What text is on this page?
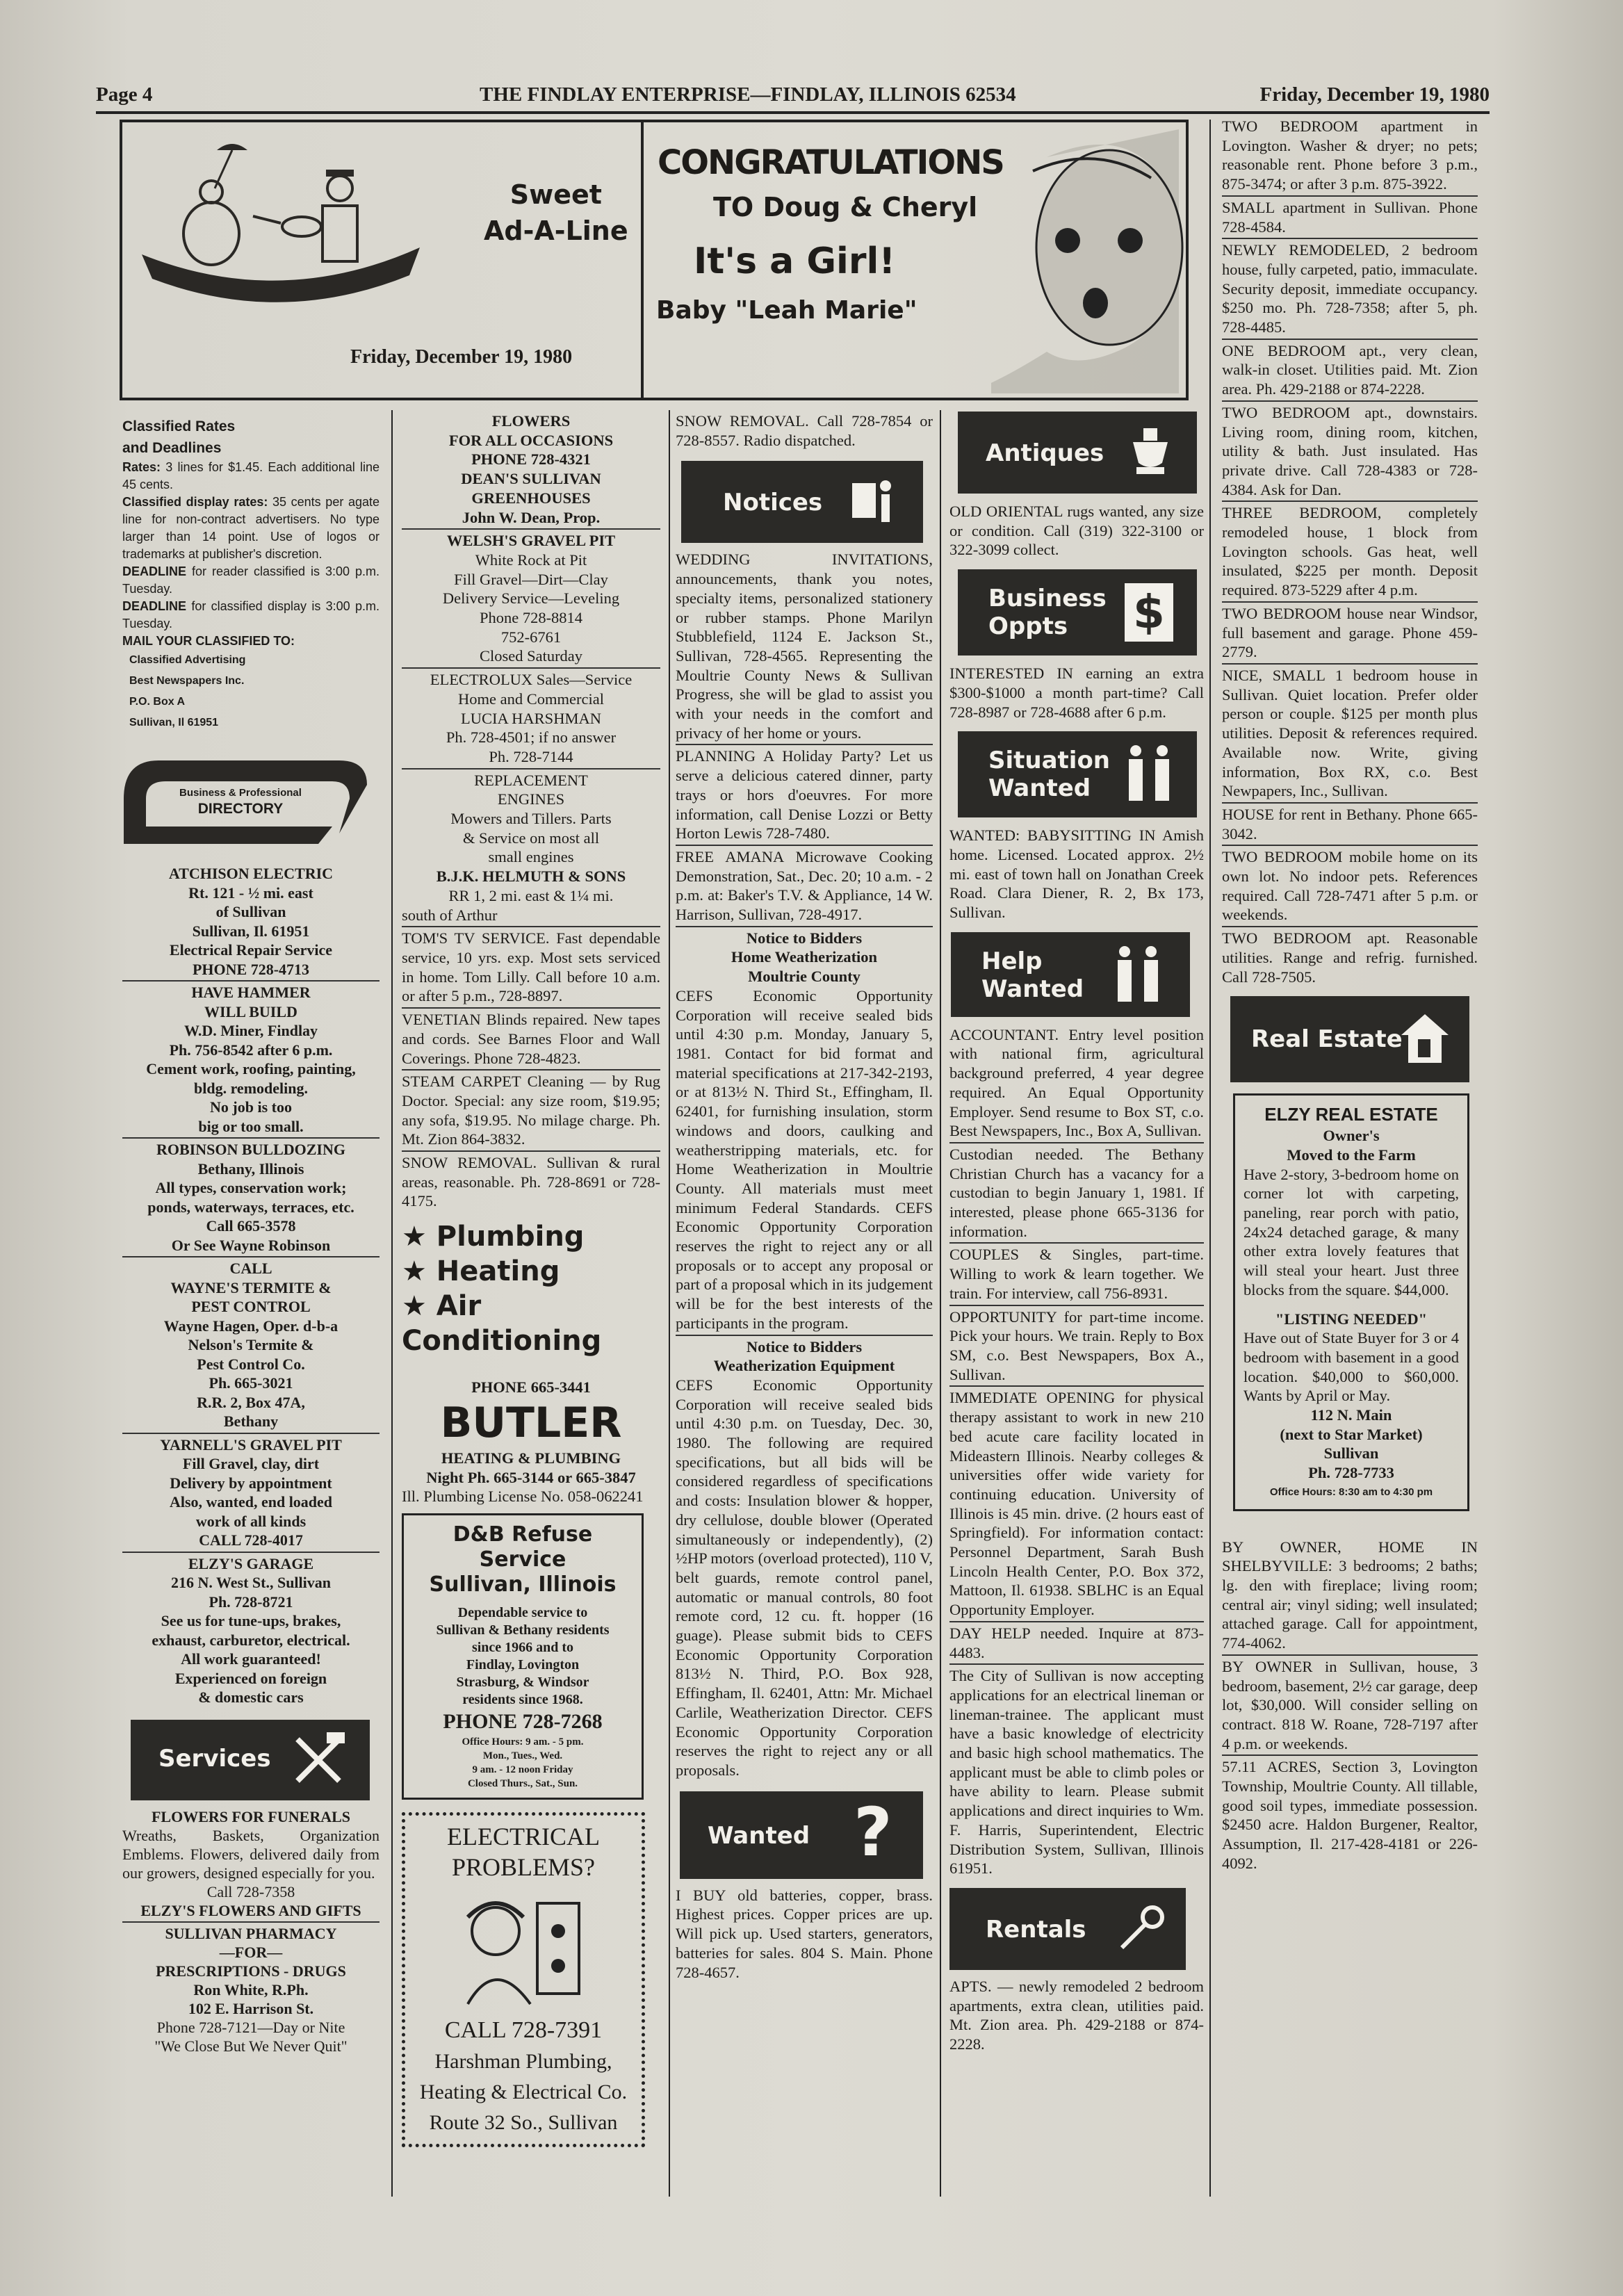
Page 4	THE FINDLAY ENTERPRISE—FINDLAY, ILLINOIS 62534	Friday, December 19, 1980
Sweet
Ad-A-Line
Friday, December 19, 1980
CONGRATULATIONS
TO Doug & Cheryl
It's a Girl!
Baby "Leah Marie"
Classified Rates
and Deadlines
Rates: 3 lines for $1.45. Each additional line 45 cents.
Classified display rates: 35 cents per agate line for non-contract advertisers. No type larger than 14 point. Use of logos or trademarks at publisher's discretion.
DEADLINE for reader classified is 3:00 p.m. Tuesday.
DEADLINE for classified display is 3:00 p.m. Tuesday.
MAIL YOUR CLASSIFIED TO:
Classified Advertising
Best Newspapers Inc.
P.O. Box A
Sullivan, Il 61951
Business & Professional
DIRECTORY
ATCHISON ELECTRIC
Rt. 121 - ½ mi. east
of Sullivan
Sullivan, Il. 61951
Electrical Repair Service
PHONE 728-4713
HAVE HAMMER
WILL BUILD
W.D. Miner, Findlay
Ph. 756-8542 after 6 p.m.
Cement work, roofing, painting,
bldg. remodeling.
No job is too
big or too small.
ROBINSON BULLDOZING
Bethany, Illinois
All types, conservation work;
ponds, waterways, terraces, etc.
Call 665-3578
Or See Wayne Robinson
CALL
WAYNE'S TERMITE &
PEST CONTROL
Wayne Hagen, Oper. d-b-a
Nelson's Termite &
Pest Control Co.
Ph. 665-3021
R.R. 2, Box 47A,
Bethany
YARNELL'S GRAVEL PIT
Fill Gravel, clay, dirt
Delivery by appointment
Also, wanted, end loaded
work of all kinds
CALL 728-4017
ELZY'S GARAGE
216 N. West St., Sullivan
Ph. 728-8721
See us for tune-ups, brakes,
exhaust, carburetor, electrical.
All work guaranteed!
Experienced on foreign
& domestic cars
Services
FLOWERS FOR FUNERALS
Wreaths, Baskets, Organization Emblems. Flowers, delivered daily from our growers, designed especially for you.
Call 728-7358
ELZY'S FLOWERS AND GIFTS
SULLIVAN PHARMACY
—FOR—
PRESCRIPTIONS - DRUGS
Ron White, R.Ph.
102 E. Harrison St.
Phone 728-7121—Day or Nite
"We Close But We Never Quit"
FLOWERS
FOR ALL OCCASIONS
PHONE 728-4321
DEAN'S SULLIVAN
GREENHOUSES
John W. Dean, Prop.
WELSH'S GRAVEL PIT
White Rock at Pit
Fill Gravel—Dirt—Clay
Delivery Service—Leveling
Phone 728-8814
752-6761
Closed Saturday
ELECTROLUX Sales—Service
Home and Commercial
LUCIA HARSHMAN
Ph. 728-4501; if no answer
Ph. 728-7144
REPLACEMENT
ENGINES
Mowers and Tillers. Parts
& Service on most all
small engines
B.J.K. HELMUTH & SONS
RR 1, 2 mi. east & 1¼ mi.
south of Arthur
TOM'S TV SERVICE. Fast dependable service, 10 yrs. exp. Most sets serviced in home. Tom Lilly. Call before 10 a.m. or after 5 p.m., 728-8897.
VENETIAN Blinds repaired. New tapes and cords. See Barnes Floor and Wall Coverings. Phone 728-4823.
STEAM CARPET Cleaning — by Rug Doctor. Special: any size room, $19.95; any sofa, $19.95. No milage charge. Ph. Mt. Zion 864-3832.
SNOW REMOVAL. Sullivan & rural areas, reasonable. Ph. 728-8691 or 728-4175.
★ Plumbing
★ Heating
★ Air Conditioning
PHONE 665-3441
BUTLER
HEATING & PLUMBING
Night Ph. 665-3144 or 665-3847
Ill. Plumbing License No. 058-062241
D&B Refuse Service
Sullivan, Illinois
Dependable service to
Sullivan & Bethany residents
since 1966 and to
Findlay, Lovington
Strasburg, & Windsor
residents since 1968.
PHONE 728-7268
Office Hours: 9 am. - 5 pm.
Mon., Tues., Wed.
9 am. - 12 noon Friday
Closed Thurs., Sat., Sun.
ELECTRICAL
PROBLEMS?
CALL 728-7391
Harshman Plumbing,
Heating & Electrical Co.
Route 32 So., Sullivan
SNOW REMOVAL. Call 728-7854 or 728-8557. Radio dispatched.
Notices
WEDDING INVITATIONS, announcements, thank you notes, specialty items, personalized stationery or rubber stamps. Phone Marilyn Stubblefield, 1124 E. Jackson St., Sullivan, 728-4565. Representing the Moultrie County News & Sullivan Progress, she will be glad to assist you with your needs in the comfort and privacy of her home or yours.
PLANNING A Holiday Party? Let us serve a delicious catered dinner, party trays or hors d'oeuvres. For more information, call Denise Lozzi or Betty Horton Lewis 728-7480.
FREE AMANA Microwave Cooking Demonstration, Sat., Dec. 20; 10 a.m. - 2 p.m. at: Baker's T.V. & Appliance, 14 W. Harrison, Sullivan, 728-4917.
Notice to Bidders
Home Weatherization
Moultrie County
CEFS Economic Opportunity Corporation will receive sealed bids until 4:30 p.m. Monday, January 5, 1981. Contact for bid format and material specifications at 217-342-2193, or at 813½ N. Third St., Effingham, Il. 62401, for furnishing insulation, storm windows and doors, caulking and weatherstripping materials, etc. for Home Weatherization in Moultrie County. All materials must meet minimum Federal Standards. CEFS Economic Opportunity Corporation reserves the right to reject any or all proposals or to accept any proposal or part of a proposal which in its judgement will be for the best interests of the participants in the program.
Notice to Bidders
Weatherization Equipment
CEFS Economic Opportunity Corporation will receive sealed bids until 4:30 p.m. on Tuesday, Dec. 30, 1980. The following are required specifications, but all bids will be considered regardless of specifications and costs: Insulation blower & hopper, dry cellulose, double blower (Operated simultaneously or independently), (2) ½HP motors (overload protected), 110 V, belt guards, remote control panel, automatic or manual controls, 80 foot remote cord, 12 cu. ft. hopper (16 guage). Please submit bids to CEFS Economic Opportunity Corporation 813½ N. Third, P.O. Box 928, Effingham, Il. 62401, Attn: Mr. Michael Carlile, Weatherization Director. CEFS Economic Opportunity Corporation reserves the right to reject any or all proposals.
Wanted ?
I BUY old batteries, copper, brass. Highest prices. Copper prices are up. Will pick up. Used starters, generators, batteries for sales. 804 S. Main. Phone 728-4657.
Antiques
OLD ORIENTAL rugs wanted, any size or condition. Call (319) 322-3100 or 322-3099 collect.
Business
Oppts	$
INTERESTED IN earning an extra $300-$1000 a month part-time? Call 728-8987 or 728-4688 after 6 p.m.
Situation
Wanted
WANTED: BABYSITTING IN Amish home. Licensed. Located approx. 2½ mi. east of town hall on Jonathan Creek Road. Clara Diener, R. 2, Bx 173, Sullivan.
Help
Wanted
ACCOUNTANT. Entry level position with national firm, agricultural background preferred, 4 year degree required. An Equal Opportunity Employer. Send resume to Box ST, c.o. Best Newspapers, Inc., Box A, Sullivan.
Custodian needed. The Bethany Christian Church has a vacancy for a custodian to begin January 1, 1981. If interested, please phone 665-3136 for information.
COUPLES & Singles, part-time. Willing to work & learn together. We train. For interview, call 756-8931.
OPPORTUNITY for part-time income. Pick your hours. We train. Reply to Box SM, c.o. Best Newspapers, Box A., Sullivan.
IMMEDIATE OPENING for physical therapy assistant to work in new 210 bed acute care facility located in Mideastern Illinois. Nearby colleges & universities offer wide variety for continuing education. University of Illinois is 45 min. drive. (2 hours east of Springfield). For information contact: Personnel Department, Sarah Bush Lincoln Health Center, P.O. Box 372, Mattoon, Il. 61938. SBLHC is an Equal Opportunity Employer.
DAY HELP needed. Inquire at 873-4483.
The City of Sullivan is now accepting applications for an electrical lineman or lineman-trainee. The applicant must have a basic knowledge of electricity and basic high school mathematics. The applicant must be able to climb poles or have ability to learn. Please submit applications and direct inquiries to Wm. F. Harris, Superintendent, Electric Distribution System, Sullivan, Illinois 61951.
Rentals
APTS. — newly remodeled 2 bedroom apartments, extra clean, utilities paid. Mt. Zion area. Ph. 429-2188 or 874-2228.
TWO BEDROOM apartment in Lovington. Washer & dryer; no pets; reasonable rent. Phone before 3 p.m., 875-3474; or after 3 p.m. 875-3922.
SMALL apartment in Sullivan. Phone 728-4584.
NEWLY REMODELED, 2 bedroom house, fully carpeted, patio, immaculate. Security deposit, immediate occupancy. $250 mo. Ph. 728-7358; after 5, ph. 728-4485.
ONE BEDROOM apt., very clean, walk-in closet. Utilities paid. Mt. Zion area. Ph. 429-2188 or 874-2228.
TWO BEDROOM apt., downstairs. Living room, dining room, kitchen, utility & bath. Just insulated. Has private drive. Call 728-4383 or 728-4384. Ask for Dan.
THREE BEDROOM, completely remodeled house, 1 block from Lovington schools. Gas heat, well insulated, $225 per month. Deposit required. 873-5229 after 4 p.m.
TWO BEDROOM house near Windsor, full basement and garage. Phone 459-2779.
NICE, SMALL 1 bedroom house in Sullivan. Quiet location. Prefer older person or couple. $125 per month plus utilities. Deposit & references required. Available now. Write, giving information, Box RX, c.o. Best Newpapers, Inc., Sullivan.
HOUSE for rent in Bethany. Phone 665-3042.
TWO BEDROOM mobile home on its own lot. No indoor pets. References required. Call 728-7471 after 5 p.m. or weekends.
TWO BEDROOM apt. Reasonable utilities. Range and refrig. furnished. Call 728-7505.
Real Estate
ELZY REAL ESTATE
Owner's
Moved to the Farm
Have 2-story, 3-bedroom home on corner lot with carpeting, paneling, rear porch with patio, 24x24 detached garage, & many other extra lovely features that will steal your heart. Just three blocks from the square. $44,000.
"LISTING NEEDED"
Have out of State Buyer for 3 or 4 bedroom with basement in a good location. $40,000 to $60,000. Wants by April or May.
112 N. Main
(next to Star Market)
Sullivan
Ph. 728-7733
Office Hours: 8:30 am to 4:30 pm
BY OWNER, HOME IN SHELBYVILLE: 3 bedrooms; 2 baths; lg. den with fireplace; living room; central air; vinyl siding; well insulated; attached garage. Call for appointment, 774-4062.
BY OWNER in Sullivan, house, 3 bedroom, basement, 2½ car garage, deep lot, $30,000. Will consider selling on contract. 818 W. Roane, 728-7197 after 4 p.m. or weekends.
57.11 ACRES, Section 3, Lovington Township, Moultrie County. All tillable, good soil types, immediate possession. $2450 acre. Haldon Burgener, Realtor, Assumption, Il. 217-428-4181 or 226-4092.
